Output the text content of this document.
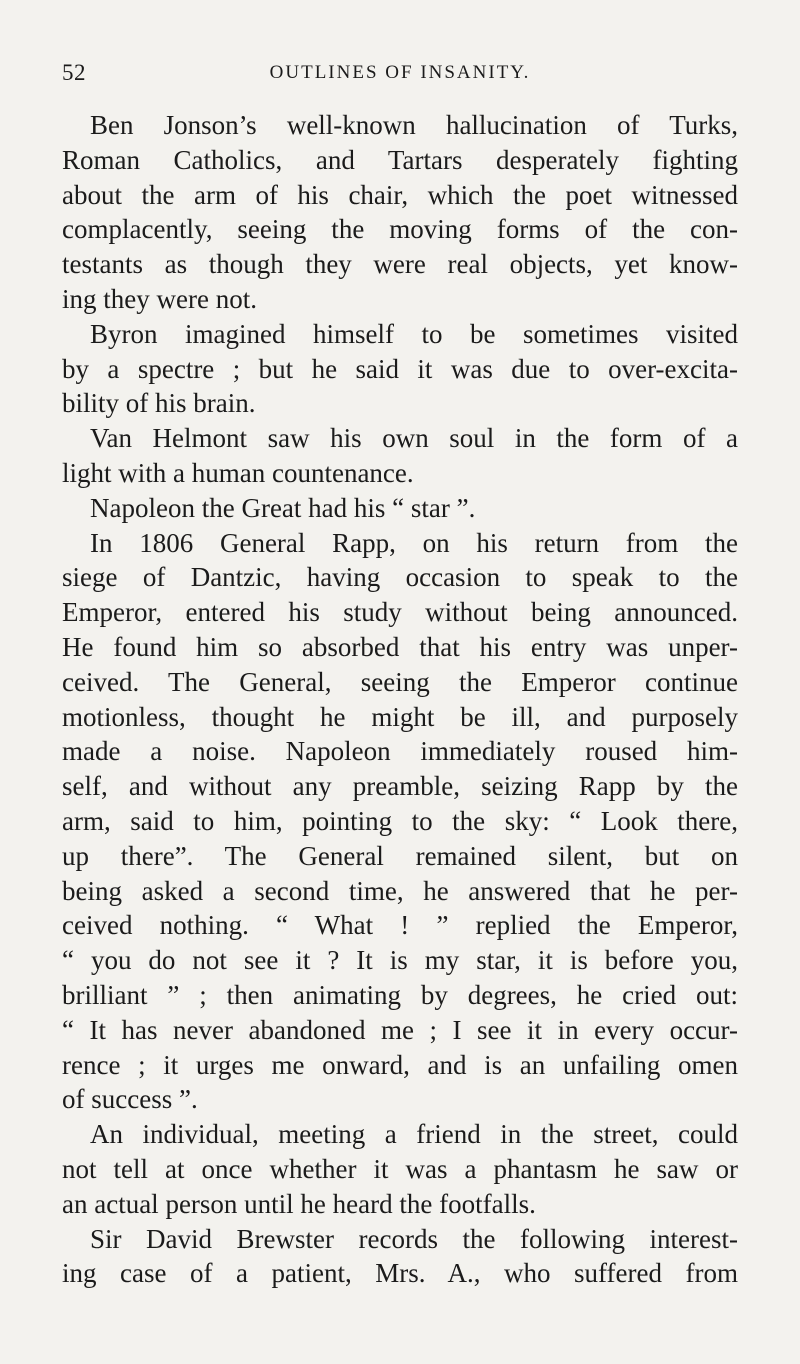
52	OUTLINES OF INSANITY.
Ben Jonson’s well-known hallucination of Turks,
Roman Catholics, and Tartars desperately fighting
about the arm of his chair, which the poet witnessed
complacently, seeing the moving forms of the con-
testants as though they were real objects, yet know-
ing they were not.
Byron imagined himself to be sometimes visited
by a spectre ; but he said it was due to over-excita-
bility of his brain.
Van Helmont saw his own soul in the form of a
light with a human countenance.
Napoleon the Great had his “ star ”.
In 1806 General Rapp, on his return from the
siege of Dantzic, having occasion to speak to the
Emperor, entered his study without being announced.
He found him so absorbed that his entry was unper-
ceived. The General, seeing the Emperor continue
motionless, thought he might be ill, and purposely
made a noise. Napoleon immediately roused him-
self, and without any preamble, seizing Rapp by the
arm, said to him, pointing to the sky: “ Look there,
up there”. The General remained silent, but on
being asked a second time, he answered that he per-
ceived nothing. “ What ! ” replied the Emperor,
“ you do not see it ? It is my star, it is before you,
brilliant ” ; then animating by degrees, he cried out:
“ It has never abandoned me ; I see it in every occur-
rence ; it urges me onward, and is an unfailing omen
of success ”.
An individual, meeting a friend in the street, could
not tell at once whether it was a phantasm he saw or
an actual person until he heard the footfalls.
Sir David Brewster records the following interest-
ing case of a patient, Mrs. A., who suffered from
